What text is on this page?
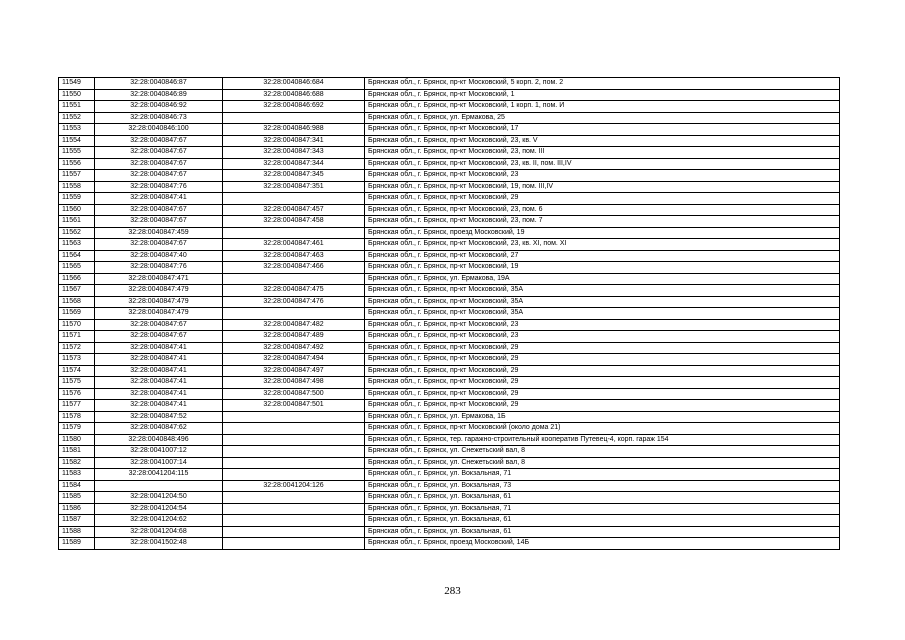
11549	32:28:0040846:87	32:28:0040846:684	Брянская обл., г. Брянск, пр-кт Московский, 5 корп. 2, пом. 2
11550	32:28:0040846:89	32:28:0040846:688	Брянская обл., г. Брянск, пр-кт Московский, 1
11551	32:28:0040846:92	32:28:0040846:692	Брянская обл., г. Брянск, пр-кт Московский, 1 корп. 1, пом. И
11552	32:28:0040846:73		Брянская обл., г. Брянск, ул. Ермакова, 25
11553	32:28:0040846:100	32:28:0040846:988	Брянская обл., г. Брянск, пр-кт Московский, 17
11554	32:28:0040847:67	32:28:0040847:341	Брянская обл., г. Брянск, пр-кт Московский, 23, кв. V
11555	32:28:0040847:67	32:28:0040847:343	Брянская обл., г. Брянск, пр-кт Московский, 23, пом. III
11556	32:28:0040847:67	32:28:0040847:344	Брянская обл., г. Брянск, пр-кт Московский, 23, кв. II, пом. III,IV
11557	32:28:0040847:67	32:28:0040847:345	Брянская обл., г. Брянск, пр-кт Московский, 23
11558	32:28:0040847:76	32:28:0040847:351	Брянская обл., г. Брянск, пр-кт Московский, 19, пом. III,IV
11559	32:28:0040847:41		Брянская обл., г. Брянск, пр-кт Московский, 29
11560	32:28:0040847:67	32:28:0040847:457	Брянская обл., г. Брянск, пр-кт Московский, 23, пом. 6
11561	32:28:0040847:67	32:28:0040847:458	Брянская обл., г. Брянск, пр-кт Московский, 23, пом. 7
11562	32:28:0040847:459		Брянская обл., г. Брянск, проезд Московский, 19
11563	32:28:0040847:67	32:28:0040847:461	Брянская обл., г. Брянск, пр-кт Московский, 23, кв. XI, пом. XI
11564	32:28:0040847:40	32:28:0040847:463	Брянская обл., г. Брянск, пр-кт Московский, 27
11565	32:28:0040847:76	32:28:0040847:466	Брянская обл., г. Брянск, пр-кт Московский, 19
11566	32:28:0040847:471		Брянская обл., г. Брянск, ул. Ермакова, 19А
11567	32:28:0040847:479	32:28:0040847:475	Брянская обл., г. Брянск, пр-кт Московский, 35А
11568	32:28:0040847:479	32:28:0040847:476	Брянская обл., г. Брянск, пр-кт Московский, 35А
11569	32:28:0040847:479		Брянская обл., г. Брянск, пр-кт Московский, 35А
11570	32:28:0040847:67	32:28:0040847:482	Брянская обл., г. Брянск, пр-кт Московский, 23
11571	32:28:0040847:67	32:28:0040847:489	Брянская обл., г. Брянск, пр-кт Московский, 23
11572	32:28:0040847:41	32:28:0040847:492	Брянская обл., г. Брянск, пр-кт Московский, 29
11573	32:28:0040847:41	32:28:0040847:494	Брянская обл., г. Брянск, пр-кт Московский, 29
11574	32:28:0040847:41	32:28:0040847:497	Брянская обл., г. Брянск, пр-кт Московский, 29
11575	32:28:0040847:41	32:28:0040847:498	Брянская обл., г. Брянск, пр-кт Московский, 29
11576	32:28:0040847:41	32:28:0040847:500	Брянская обл., г. Брянск, пр-кт Московский, 29
11577	32:28:0040847:41	32:28:0040847:501	Брянская обл., г. Брянск, пр-кт Московский, 29
11578	32:28:0040847:52		Брянская обл., г. Брянск, ул. Ермакова, 1Б
11579	32:28:0040847:62		Брянская обл., г. Брянск, пр-кт Московский (около дома 21)
11580	32:28:0040848:496		Брянская обл., г. Брянск, тер. гаражно-строительный кооператив Путевец-4, корп. гараж 154
11581	32:28:0041007:12		Брянская обл., г. Брянск, ул. Снежетьский вал, 8
11582	32:28:0041007:14		Брянская обл., г. Брянск, ул. Снежетьский вал, 8
11583	32:28:0041204:115		Брянская обл., г. Брянск, ул. Вокзальная, 71
11584		32:28:0041204:126	Брянская обл., г. Брянск, ул. Вокзальная, 73
11585	32:28:0041204:50		Брянская обл., г. Брянск, ул. Вокзальная, 61
11586	32:28:0041204:54		Брянская обл., г. Брянск, ул. Вокзальная, 71
11587	32:28:0041204:62		Брянская обл., г. Брянск, ул. Вокзальная, 61
11588	32:28:0041204:68		Брянская обл., г. Брянск, ул. Вокзальная, 61
11589	32:28:0041502:48		Брянская обл., г. Брянск, проезд Московский, 14Б
283
